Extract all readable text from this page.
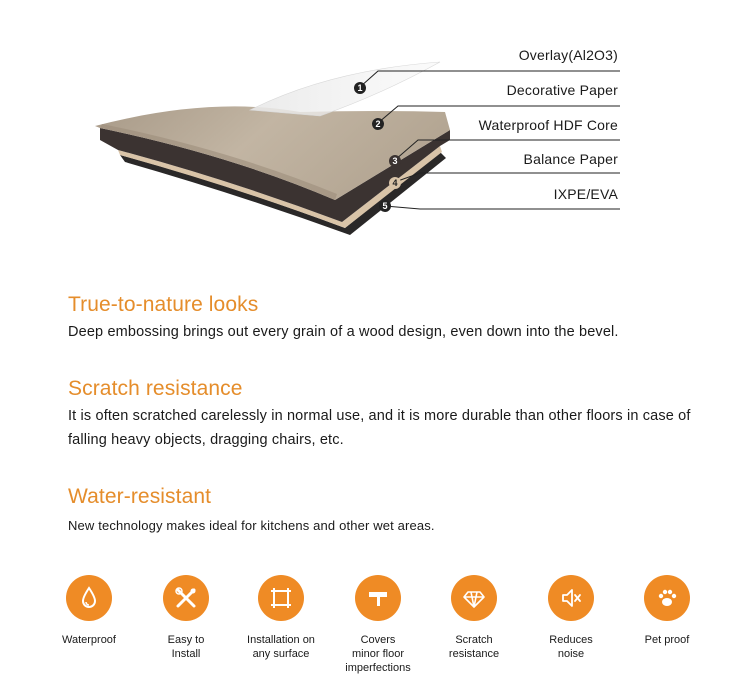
1
2
3
4
5
Overlay(Al2O3)
Decorative Paper
Waterproof HDF Core
Balance Paper
IXPE/EVA
True-to-nature looks

Deep embossing brings out every grain of a wood design, even down into the bevel.

Scratch resistance

It is often scratched carelessly in normal use, and it is more durable than other floors in case of falling heavy objects, dragging chairs, etc.

Water-resistant

New technology makes ideal for kitchens and other wet areas.

Waterproof	Easy to
Install
Installation on
any surface
Covers
minor floor
imperfections
Scratch
resistance
Reduces
noise
Pet proof
